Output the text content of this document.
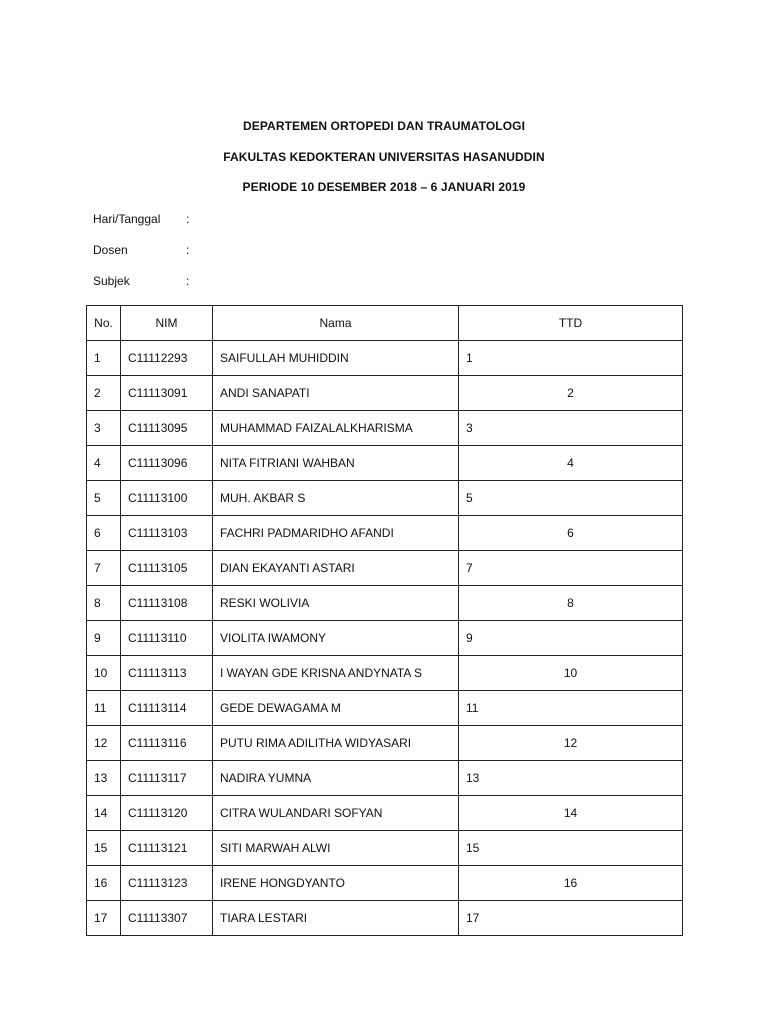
DEPARTEMEN ORTOPEDI DAN TRAUMATOLOGI
FAKULTAS KEDOKTERAN UNIVERSITAS HASANUDDIN
PERIODE 10 DESEMBER 2018 – 6 JANUARI 2019
Hari/Tanggal :
Dosen	:
Subjek	:
No.	NIM	Nama	TTD
1	C11112293	SAIFULLAH MUHIDDIN	1
2	C11113091	ANDI SANAPATI	2
3	C11113095	MUHAMMAD FAIZALALKHARISMA	3
4	C11113096	NITA FITRIANI WAHBAN	4
5	C11113100	MUH. AKBAR S	5
6	C11113103	FACHRI PADMARIDHO AFANDI	6
7	C11113105	DIAN EKAYANTI ASTARI	7
8	C11113108	RESKI WOLIVIA	8
9	C11113110	VIOLITA IWAMONY	9
10	C11113113	I WAYAN GDE KRISNA ANDYNATA S	10
11	C11113114	GEDE DEWAGAMA M	11
12	C11113116	PUTU RIMA ADILITHA WIDYASARI	12
13	C11113117	NADIRA YUMNA	13
14	C11113120	CITRA WULANDARI SOFYAN	14
15	C11113121	SITI MARWAH ALWI	15
16	C11113123	IRENE HONGDYANTO	16
17	C11113307	TIARA LESTARI	17
